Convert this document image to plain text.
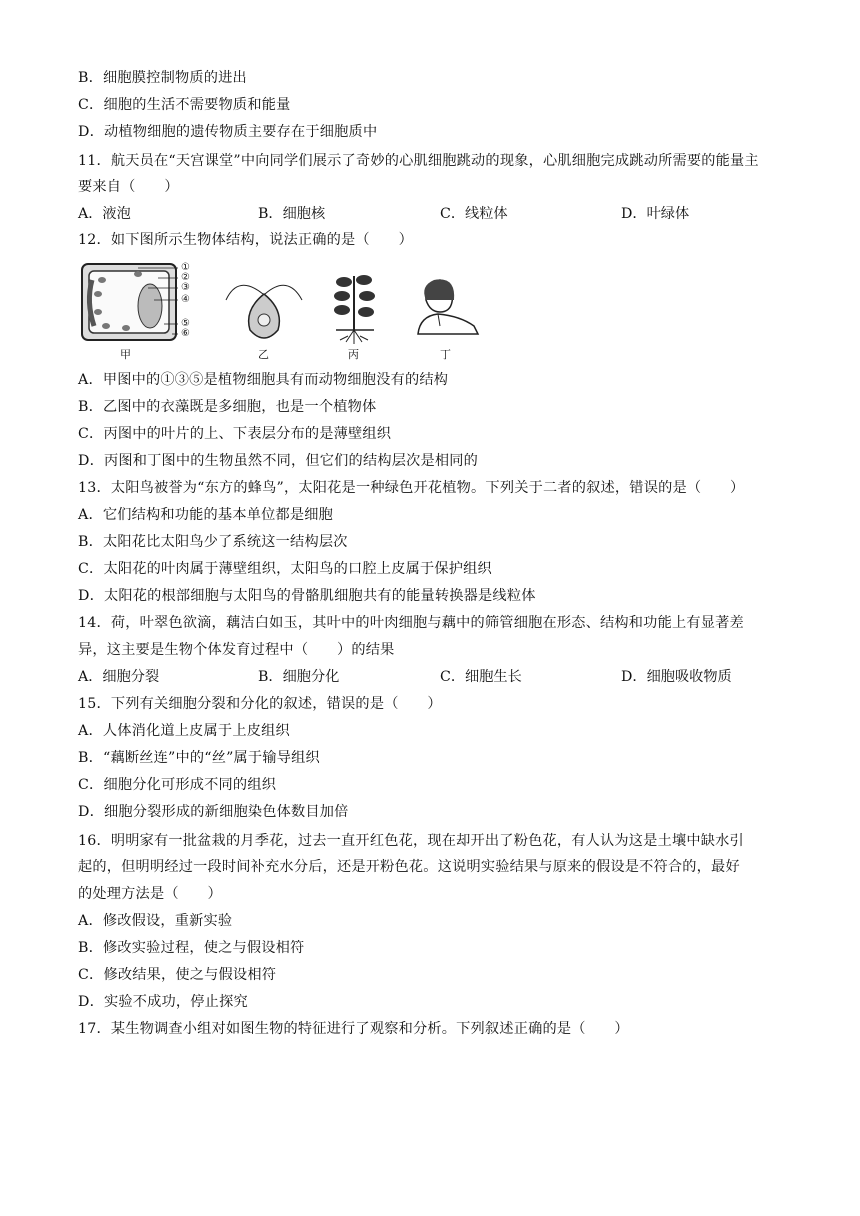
B．细胞膜控制物质的进出
C．细胞的生活不需要物质和能量
D．动植物细胞的遗传物质主要存在于细胞质中
11．航天员在“天宫课堂”中向同学们展示了奇妙的心肌细胞跳动的现象，心肌细胞完成跳动所需要的能量主
要来自（　　）
A．液泡	B．细胞核	C．线粒体	D．叶绿体
12．如下图所示生物体结构，说法正确的是（　　）
①
②
③
④
⑤
⑥
甲	乙	丙	丁
A．甲图中的①③⑤是植物细胞具有而动物细胞没有的结构
B．乙图中的衣藻既是多细胞，也是一个植物体
C．丙图中的叶片的上、下表层分布的是薄壁组织
D．丙图和丁图中的生物虽然不同，但它们的结构层次是相同的
13．太阳鸟被誉为“东方的蜂鸟”，太阳花是一种绿色开花植物。下列关于二者的叙述，错误的是（　　）
A．它们结构和功能的基本单位都是细胞
B．太阳花比太阳鸟少了系统这一结构层次
C．太阳花的叶肉属于薄壁组织，太阳鸟的口腔上皮属于保护组织
D．太阳花的根部细胞与太阳鸟的骨骼肌细胞共有的能量转换器是线粒体
14．荷，叶翠色欲滴，藕洁白如玉，其叶中的叶肉细胞与藕中的筛管细胞在形态、结构和功能上有显著差
异，这主要是生物个体发育过程中（　　）的结果
A．细胞分裂	B．细胞分化	C．细胞生长	D．细胞吸收物质
15．下列有关细胞分裂和分化的叙述，错误的是（　　）
A．人体消化道上皮属于上皮组织
B．“藕断丝连”中的“丝”属于输导组织
C．细胞分化可形成不同的组织
D．细胞分裂形成的新细胞染色体数目加倍
16．明明家有一批盆栽的月季花，过去一直开红色花，现在却开出了粉色花，有人认为这是土壤中缺水引
起的，但明明经过一段时间补充水分后，还是开粉色花。这说明实验结果与原来的假设是不符合的，最好
的处理方法是（　　）
A．修改假设，重新实验
B．修改实验过程，使之与假设相符
C．修改结果，使之与假设相符
D．实验不成功，停止探究
17．某生物调查小组对如图生物的特征进行了观察和分析。下列叙述正确的是（　　）
